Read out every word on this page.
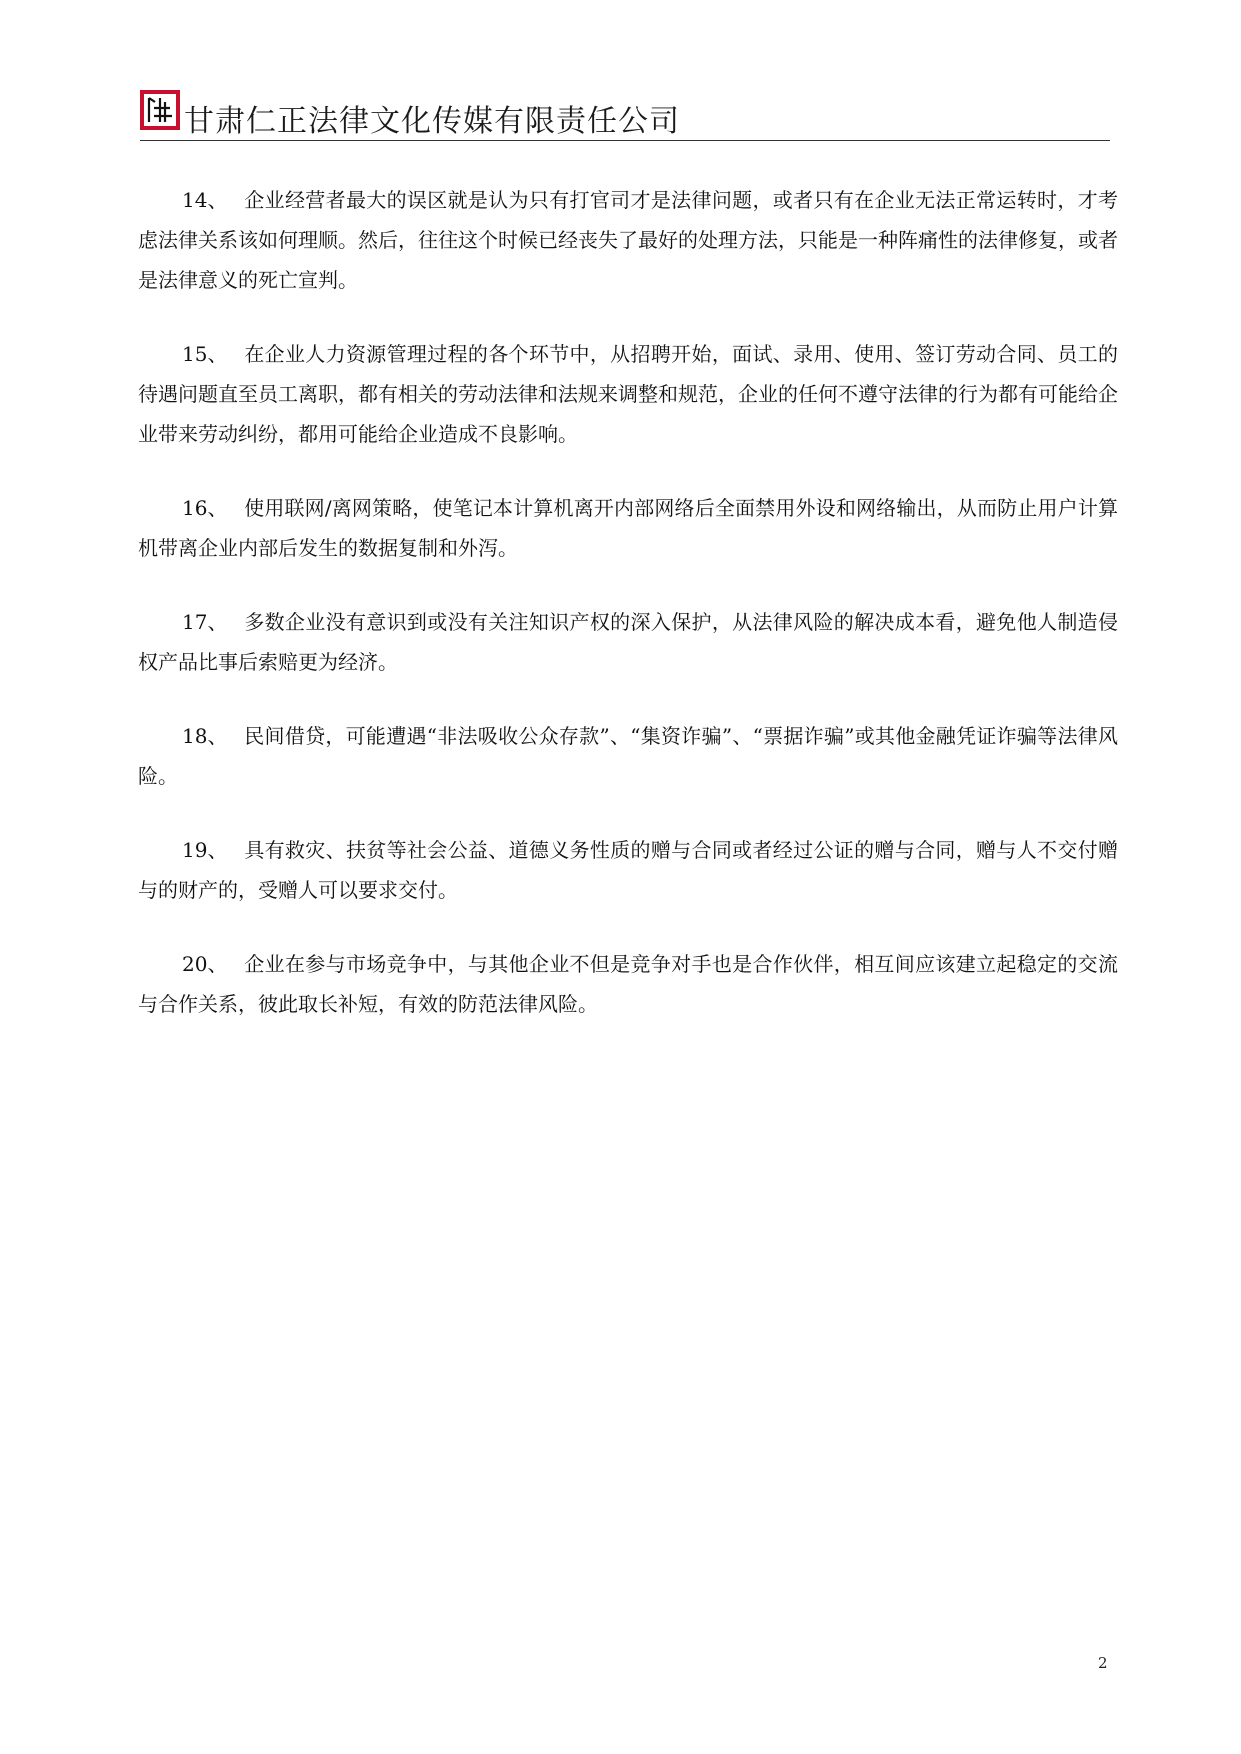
甘肃仁正法律文化传媒有限责任公司

14、 企业经营者最大的误区就是认为只有打官司才是法律问题，或者只有在企业无法正常运转时，才考虑法律关系该如何理顺。然后，往往这个时候已经丧失了最好的处理方法，只能是一种阵痛性的法律修复，或者是法律意义的死亡宣判。

15、 在企业人力资源管理过程的各个环节中，从招聘开始，面试、录用、使用、签订劳动合同、员工的待遇问题直至员工离职，都有相关的劳动法律和法规来调整和规范，企业的任何不遵守法律的行为都有可能给企业带来劳动纠纷，都用可能给企业造成不良影响。

16、 使用联网/离网策略，使笔记本计算机离开内部网络后全面禁用外设和网络输出，从而防止用户计算机带离企业内部后发生的数据复制和外泻。

17、 多数企业没有意识到或没有关注知识产权的深入保护，从法律风险的解决成本看，避免他人制造侵权产品比事后索赔更为经济。

18、 民间借贷，可能遭遇“非法吸收公众存款”、“集资诈骗”、“票据诈骗”或其他金融凭证诈骗等法律风险。

19、 具有救灾、扶贫等社会公益、道德义务性质的赠与合同或者经过公证的赠与合同，赠与人不交付赠与的财产的，受赠人可以要求交付。

20、 企业在参与市场竞争中，与其他企业不但是竞争对手也是合作伙伴，相互间应该建立起稳定的交流与合作关系，彼此取长补短，有效的防范法律风险。

2
